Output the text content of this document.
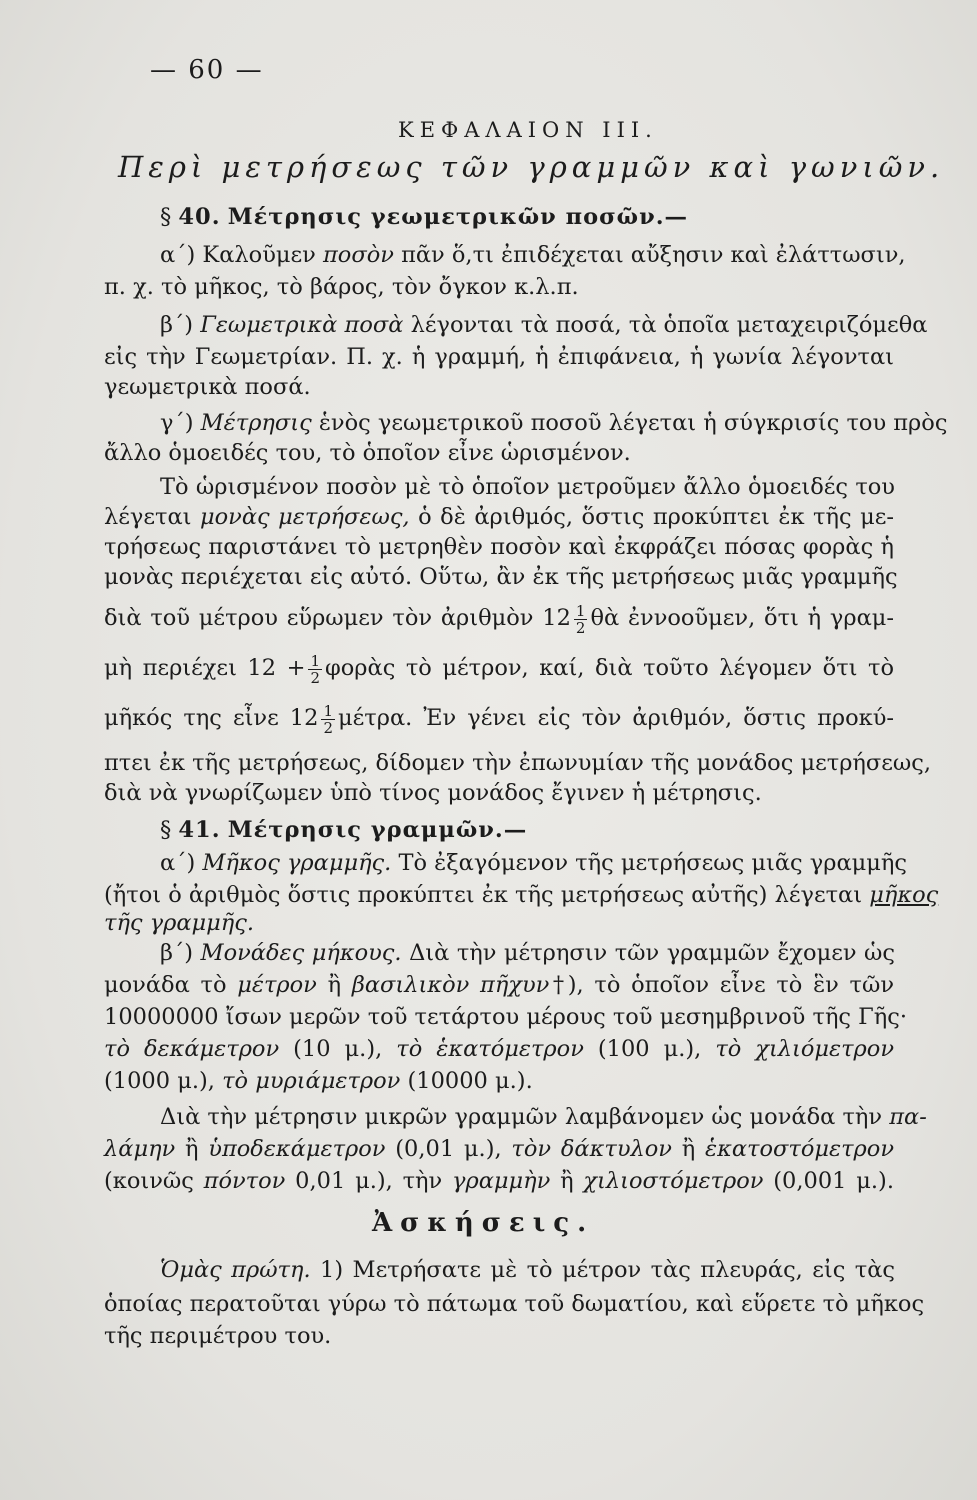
— 60 —
ΚΕΦΑΛΑΙΟΝ III.
Περὶ μετρήσεως τῶν γραμμῶν καὶ γωνιῶν.
§ 40. Μέτρησις γεωμετρικῶν ποσῶν.—
α΄) Καλοῦμεν ποσὸν πᾶν ὅ,τι ἐπιδέχεται αὔξησιν καὶ ἐλάττωσιν,
π. χ. τὸ μῆκος, τὸ βάρος, τὸν ὄγκον κ.λ.π.
β΄) Γεωμετρικὰ ποσὰ λέγονται τὰ ποσά, τὰ ὁποῖα μεταχειριζόμεθα
εἰς τὴν Γεωμετρίαν. Π. χ. ἡ γραμμή, ἡ ἐπιφάνεια, ἡ γωνία λέγονται
γεωμετρικὰ ποσά.
γ΄) Μέτρησις ἑνὸς γεωμετρικοῦ ποσοῦ λέγεται ἡ σύγκρισίς του πρὸς
ἄλλο ὁμοειδές του, τὸ ὁποῖον εἶνε ὡρισμένον.
Τὸ ὡρισμένον ποσὸν μὲ τὸ ὁποῖον μετροῦμεν ἄλλο ὁμοειδές του
λέγεται μονὰς μετρήσεως, ὁ δὲ ἀριθμός, ὅστις προκύπτει ἐκ τῆς με-
τρήσεως παριστάνει τὸ μετρηθὲν ποσὸν καὶ ἐκφράζει πόσας φορὰς ἡ
μονὰς περιέχεται εἰς αὐτό. Οὕτω, ἂν ἐκ τῆς μετρήσεως μιᾶς γραμμῆς
διὰ τοῦ μέτρου εὕρωμεν τὸν ἀριθμὸν $12 \frac{1}{2}$ θὰ ἐννοοῦμεν, ὅτι ἡ γραμ-
μὴ περιέχει $12 + \frac{1}{2}$ φορὰς τὸ μέτρον, καί, διὰ τοῦτο λέγομεν ὅτι τὸ
μῆκός της εἶνε $12 \frac{1}{2} \mu έ\tau\rho\alpha$. Ἐν γένει εἰς τὸν ἀριθμόν, ὅστις προκύ-
πτει ἐκ τῆς μετρήσεως, δίδομεν τὴν ἐπωνυμίαν τῆς μονάδος μετρήσεως,
διὰ νὰ γνωρίζωμεν ὑπὸ τίνος μονάδος ἔγινεν ἡ μέτρησις.
§ 41. Μέτρησις γραμμῶν.—
α΄) Μῆκος γραμμῆς. Τὸ ἐξαγόμενον τῆς μετρήσεως μιᾶς γραμμῆς
(ἤτοι ὁ ἀριθμὸς ὅστις προκύπτει ἐκ τῆς μετρήσεως αὐτῆς) λέγεται μῆκος
τῆς γραμμῆς.
β΄) Μονάδες μήκους. Διὰ τὴν μέτρησιν τῶν γραμμῶν ἔχομεν ὡς
μονάδα τὸ μέτρον ἢ βασιλικὸν πῆχυν†), τὸ ὁποῖον εἶνε τὸ ἓν τῶν
10000000 ἴσων μερῶν τοῦ τετάρτου μέρους τοῦ μεσημβρινοῦ τῆς Γῆς·
τὸ δεκάμετρον (10 μ.), τὸ ἑκατόμετρον (100 μ.), τὸ χιλιόμετρον
(1000 μ.), τὸ μυριάμετρον (10000 μ.).
Διὰ τὴν μέτρησιν μικρῶν γραμμῶν λαμβάνομεν ὡς μονάδα τὴν πα-
λάμην ἢ ὑποδεκάμετρον (0,01 μ.), τὸν δάκτυλον ἢ ἑκατοστόμετρον
(κοινῶς πόντον 0,01 μ.), τὴν γραμμὴν ἢ χιλιοστόμετρον (0,001 μ.).
Ἀσκήσεις.
Ὁμὰς πρώτη. 1) Μετρήσατε μὲ τὸ μέτρον τὰς πλευράς, εἰς τὰς
ὁποίας περατοῦται γύρω τὸ πάτωμα τοῦ δωματίου, καὶ εὕρετε τὸ μῆκος
τῆς περιμέτρου του.
